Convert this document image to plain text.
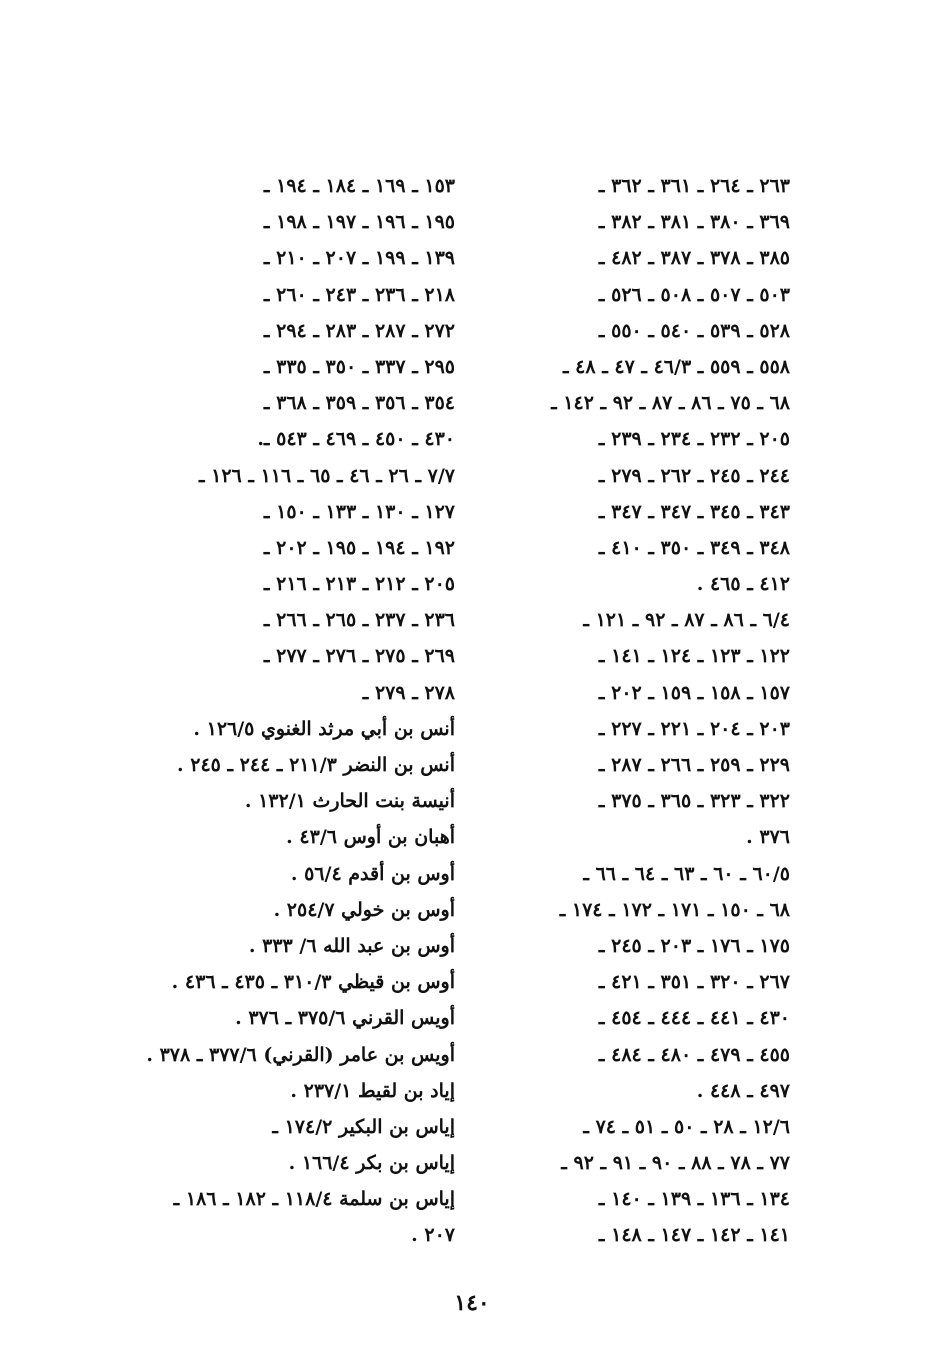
٢٦٣ ـ ٢٦٤ ـ ٣٦١ ـ ٣٦٢ ـ
٣٦٩ ـ ٣٨٠ ـ ٣٨١ ـ ٣٨٢ ـ
٣٨٥ ـ ٣٧٨ ـ ٣٨٧ ـ ٤٨٢ ـ
٥٠٣ ـ ٥٠٧ ـ ٥٠٨ ـ ٥٢٦ ـ
٥٢٨ ـ ٥٣٩ ـ ٥٤٠ ـ ٥٥٠ ـ
٥٥٨ ـ ٥٥٩ ـ ٤٦/٣ ـ ٤٧ ـ ٤٨ ـ
٦٨ ـ ٧٥ ـ ٨٦ ـ ٨٧ ـ ٩٢ ـ ١٤٢ ـ
٢٠٥ ـ ٢٣٢ ـ ٢٣٤ ـ ٢٣٩ ـ
٢٤٤ ـ ٢٤٥ ـ ٢٦٢ ـ ٢٧٩ ـ
٣٤٣ ـ ٣٤٥ ـ ٣٤٧ ـ ٣٤٧ ـ
٣٤٨ ـ ٣٤٩ ـ ٣٥٠ ـ ٤١٠ ـ
٤١٢ ـ ٤٦٥ .
٦/٤ ـ ٨٦ ـ ٨٧ ـ ٩٢ ـ ١٢١ ـ
١٢٢ ـ ١٢٣ ـ ١٢٤ ـ ١٤١ ـ
١٥٧ ـ ١٥٨ ـ ١٥٩ ـ ٢٠٢ ـ
٢٠٣ ـ ٢٠٤ ـ ٢٢١ ـ ٢٢٧ ـ
٢٢٩ ـ ٢٥٩ ـ ٢٦٦ ـ ٢٨٧ ـ
٣٢٢ ـ ٣٢٣ ـ ٣٦٥ ـ ٣٧٥ ـ
٣٧٦ .
٦٠/٥ ـ ٦٠ ـ ٦٣ ـ ٦٤ ـ ٦٦ ـ
٦٨ ـ ١٥٠ ـ ١٧١ ـ ١٧٢ ـ ١٧٤ ـ
١٧٥ ـ ١٧٦ ـ ٢٠٣ ـ ٢٤٥ ـ
٢٦٧ ـ ٣٢٠ ـ ٣٥١ ـ ٤٢١ ـ
٤٣٠ ـ ٤٤١ ـ ٤٤٤ ـ ٤٥٤ ـ
٤٥٥ ـ ٤٧٩ ـ ٤٨٠ ـ ٤٨٤ ـ
٤٩٧ ـ ٤٤٨ .
١٢/٦ ـ ٢٨ ـ ٥٠ ـ ٥١ ـ ٧٤ ـ
٧٧ ـ ٧٨ ـ ٨٨ ـ ٩٠ ـ ٩١ ـ ٩٢ ـ
١٣٤ ـ ١٣٦ ـ ١٣٩ ـ ١٤٠ ـ
١٤١ ـ ١٤٢ ـ ١٤٧ ـ ١٤٨ ـ
١٥٣ ـ ١٦٩ ـ ١٨٤ ـ ١٩٤ ـ
١٩٥ ـ ١٩٦ ـ ١٩٧ ـ ١٩٨ ـ
١٣٩ ـ ١٩٩ ـ ٢٠٧ ـ ٢١٠ ـ
٢١٨ ـ ٢٣٦ ـ ٢٤٣ ـ ٢٦٠ ـ
٢٧٢ ـ ٢٨٧ ـ ٢٨٣ ـ ٢٩٤ ـ
٢٩٥ ـ ٣٣٧ ـ ٣٥٠ ـ ٣٣٥ ـ
٣٥٤ ـ ٣٥٦ ـ ٣٥٩ ـ ٣٦٨ ـ
٤٣٠ ـ ٤٥٠ ـ ٤٦٩ ـ ٥٤٣ ـ.
٧/٧ ـ ٢٦ ـ ٤٦ ـ ٦٥ ـ ١١٦ ـ ١٢٦ ـ
١٢٧ ـ ١٣٠ ـ ١٣٣ ـ ١٥٠ ـ
١٩٢ ـ ١٩٤ ـ ١٩٥ ـ ٢٠٢ ـ
٢٠٥ ـ ٢١٢ ـ ٢١٣ ـ ٢١٦ ـ
٢٣٦ ـ ٢٣٧ ـ ٢٦٥ ـ ٢٦٦ ـ
٢٦٩ ـ ٢٧٥ ـ ٢٧٦ ـ ٢٧٧ ـ
٢٧٨ ـ ٢٧٩ ـ
أنس بن أبي مرثد الغنوي ١٢٦/٥ .
أنس بن النضر ٢١١/٣ ـ ٢٤٤ ـ ٢٤٥ .
أنيسة بنت الحارث ١٣٢/١ .
أهبان بن أوس ٤٣/٦ .
أوس بن أقدم ٥٦/٤ .
أوس بن خولي ٢٥٤/٧ .
أوس بن عبد الله ٦/ ٣٣٣ .
أوس بن قيظي ٣١٠/٣ ـ ٤٣٥ ـ ٤٣٦ .
أويس القرني ٣٧٥/٦ ـ ٣٧٦ .
أويس بن عامر (القرني) ٣٧٧/٦ ـ ٣٧٨ .
إياد بن لقيط ٢٣٧/١ .
إياس بن البكير ١٧٤/٢ ـ
إياس بن بكر ١٦٦/٤ .
إياس بن سلمة ١١٨/٤ ـ ١٨٢ ـ ١٨٦ ـ
٢٠٧ .
١٤٠
